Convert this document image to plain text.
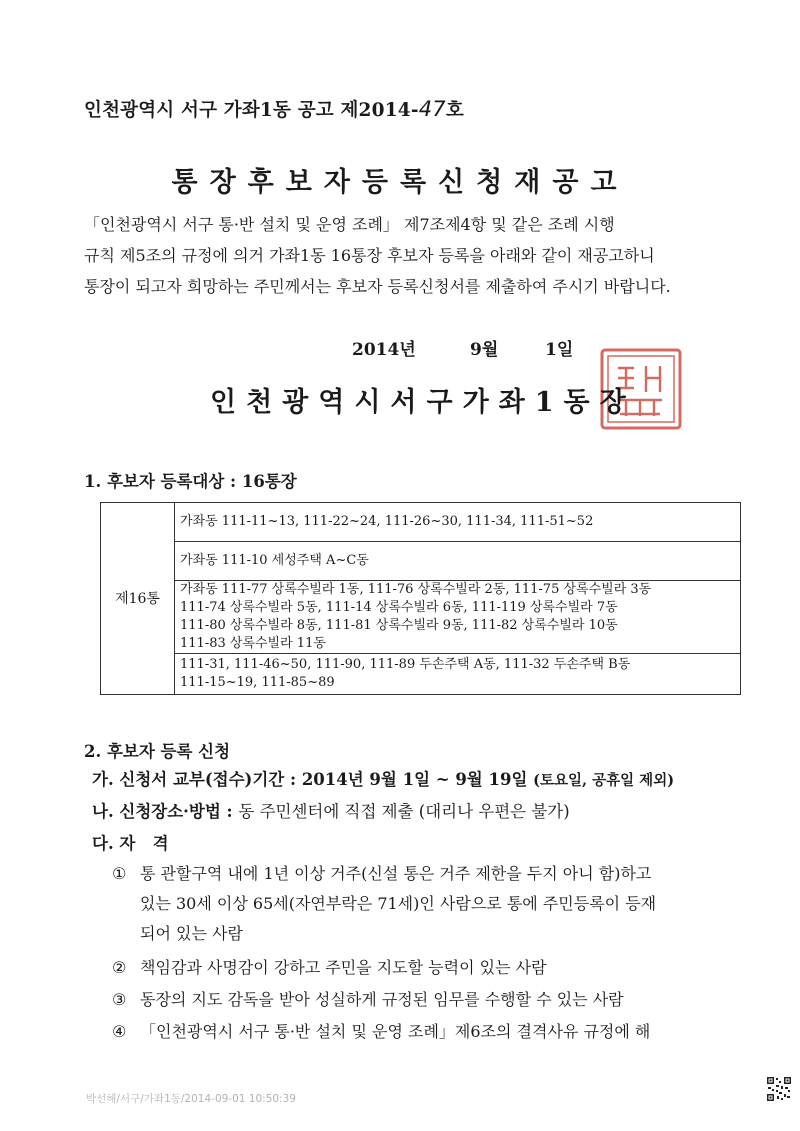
인천광역시 서구 가좌1동 공고 제2014-47호
통장후보자등록신청재공고

「인천광역시 서구 통·반 설치 및 운영 조례」 제7조제4항 및 같은 조례 시행

규칙 제5조의 규정에 의거 가좌1동 16통장 후보자 등록을 아래와 같이 재공고하니

통장이 되고자 희망하는 주민께서는 후보자 등록신청서를 제출하여 주시기 바랍니다.

2014년	9월	1일
인천광역시서구가좌1동장
1. 후보자 등록대상 : 16통장
제16통	
가좌동 111-11~13, 111-22~24, 111-26~30, 111-34, 111-51~52

가좌동 111-10 세성주택 A~C동

가좌동 111-77 상록수빌라 1동, 111-76 상록수빌라 2동, 111-75 상록수빌라 3동
111-74 상록수빌라 5동, 111-14 상록수빌라 6동, 111-119 상록수빌라 7동
111-80 상록수빌라 8동, 111-81 상록수빌라 9동, 111-82 상록수빌라 10동
111-83 상록수빌라 11동

111-31, 111-46~50, 111-90, 111-89 두손주택 A동, 111-32 두손주택 B동
111-15~19, 111-85~89
2. 후보자 등록 신청
가. 신청서 교부(접수)기간 : 2014년 9월 1일 ~ 9월 19일 (토요일, 공휴일 제외)
나. 신청장소·방법 : 동 주민센터에 직접 제출 (대리나 우편은 불가)
다. 자   격
① 통 관할구역 내에 1년 이상 거주(신설 통은 거주 제한을 두지 아니 함)하고
있는 30세 이상 65세(자연부락은 71세)인 사람으로 통에 주민등록이 등재
되어 있는 사람
② 책임감과 사명감이 강하고 주민을 지도할 능력이 있는 사람
③ 동장의 지도 감독을 받아 성실하게 규정된 임무를 수행할 수 있는 사람
④ 「인천광역시 서구 통·반 설치 및 운영 조례」제6조의 결격사유 규정에 해
박선해/서구/가좌1동/2014-09-01 10:50:39
